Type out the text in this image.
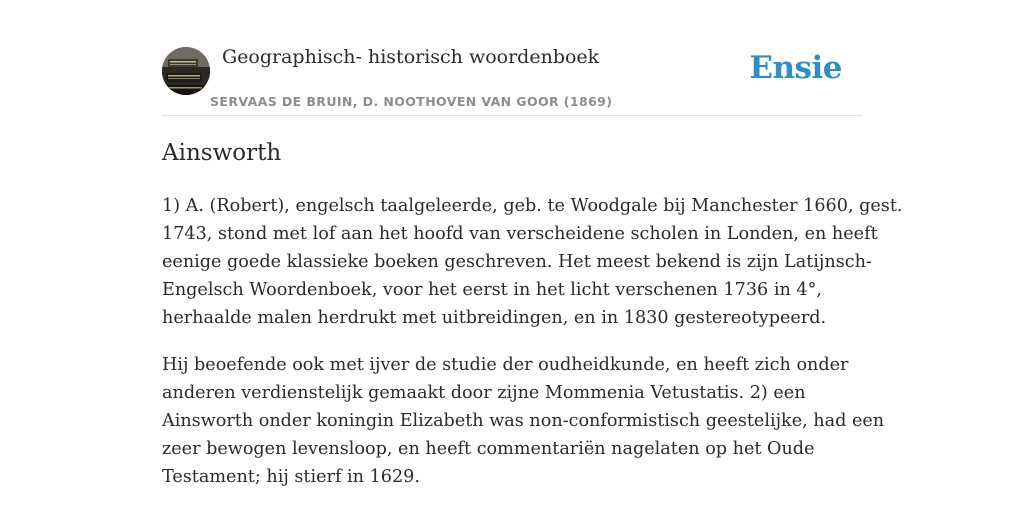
Geographisch- historisch woordenboek
SERVAAS DE BRUIN, D. NOOTHOVEN VAN GOOR (1869)
Ensie
Ainsworth

1) A. (Robert), engelsch taalgeleerde, geb. te Woodgale bij Manchester 1660, gest.
1743, stond met lof aan het hoofd van verscheidene scholen in Londen, en heeft
eenige goede klassieke boeken geschreven. Het meest bekend is zijn Latijnsch-
Engelsch Woordenboek, voor het eerst in het licht verschenen 1736 in 4°,
herhaalde malen herdrukt met uitbreidingen, en in 1830 gestereotypeerd.

Hij beoefende ook met ijver de studie der oudheidkunde, en heeft zich onder
anderen verdienstelijk gemaakt door zijne Mommenia Vetustatis. 2) een
Ainsworth onder koningin Elizabeth was non-conformistisch geestelijke, had een
zeer bewogen levensloop, en heeft commentariën nagelaten op het Oude
Testament; hij stierf in 1629.
